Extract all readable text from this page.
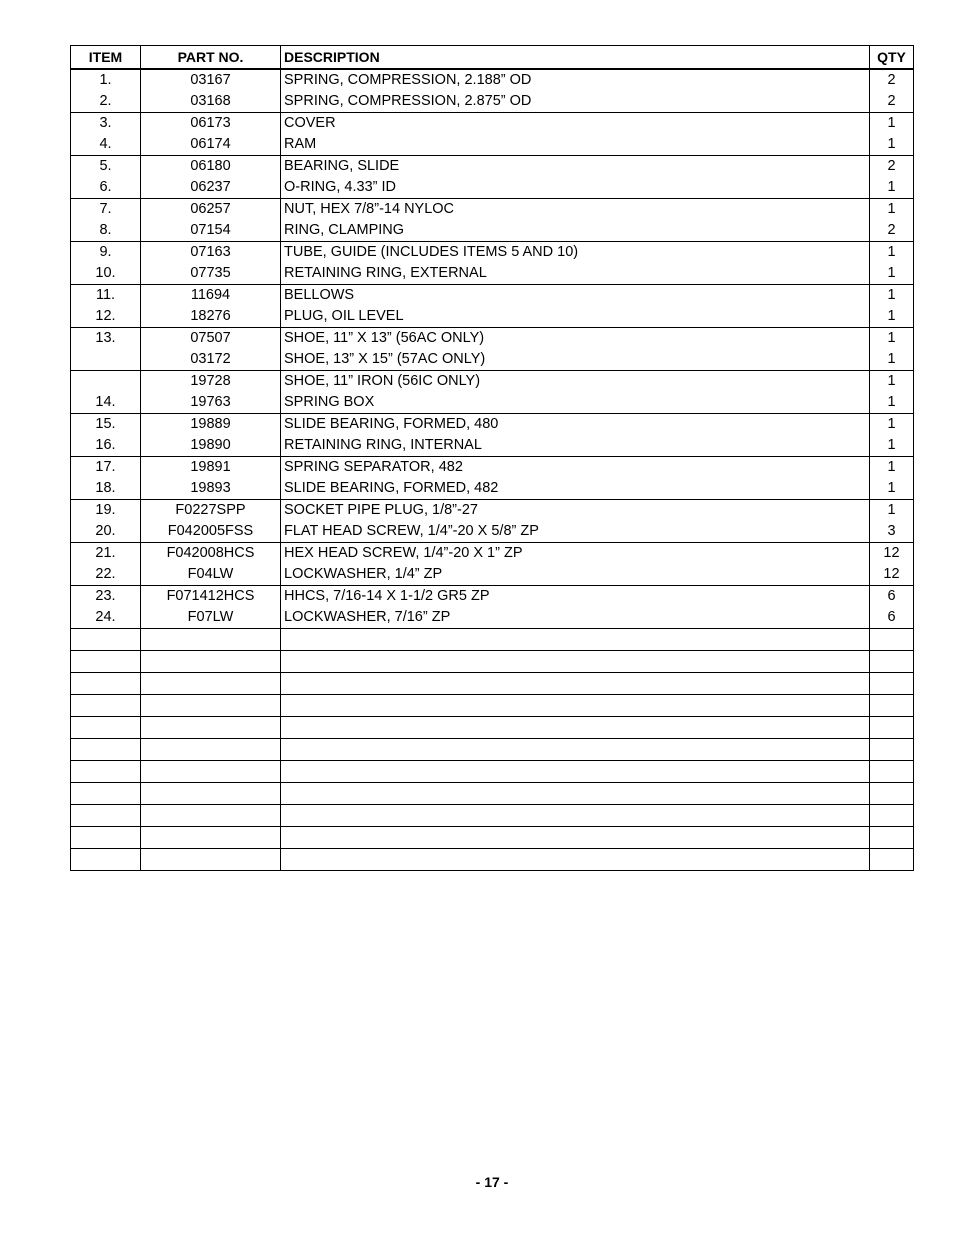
ITEM	PART NO.	DESCRIPTION	QTY
1.	03167	SPRING, COMPRESSION, 2.188” OD	2
2.	03168	SPRING, COMPRESSION, 2.875” OD	2
3.	06173	COVER	1
4.	06174	RAM	1
5.	06180	BEARING, SLIDE	2
6.	06237	O-RING, 4.33” ID	1
7.	06257	NUT, HEX 7/8”-14 NYLOC	1
8.	07154	RING, CLAMPING	2
9.	07163	TUBE, GUIDE (INCLUDES ITEMS 5 AND 10)	1
10.	07735	RETAINING RING, EXTERNAL	1
11.	11694	BELLOWS	1
12.	18276	PLUG, OIL LEVEL	1
13.	07507	SHOE, 11” X 13” (56AC ONLY)	1
	03172	SHOE, 13” X 15” (57AC ONLY)	1
	19728	SHOE, 11” IRON (56IC ONLY)	1
14.	19763	SPRING BOX	1
15.	19889	SLIDE BEARING, FORMED, 480	1
16.	19890	RETAINING RING, INTERNAL	1
17.	19891	SPRING SEPARATOR, 482	1
18.	19893	SLIDE BEARING, FORMED, 482	1
19.	F0227SPP	SOCKET PIPE PLUG, 1/8”-27	1
20.	F042005FSS	FLAT HEAD SCREW, 1/4”-20 X 5/8” ZP	3
21.	F042008HCS	HEX HEAD SCREW, 1/4”-20 X 1” ZP	12
22.	F04LW	LOCKWASHER, 1/4” ZP	12
23.	F071412HCS	HHCS, 7/16-14 X 1-1/2 GR5 ZP	6
24.	F07LW	LOCKWASHER, 7/16” ZP	6

- 17 -
